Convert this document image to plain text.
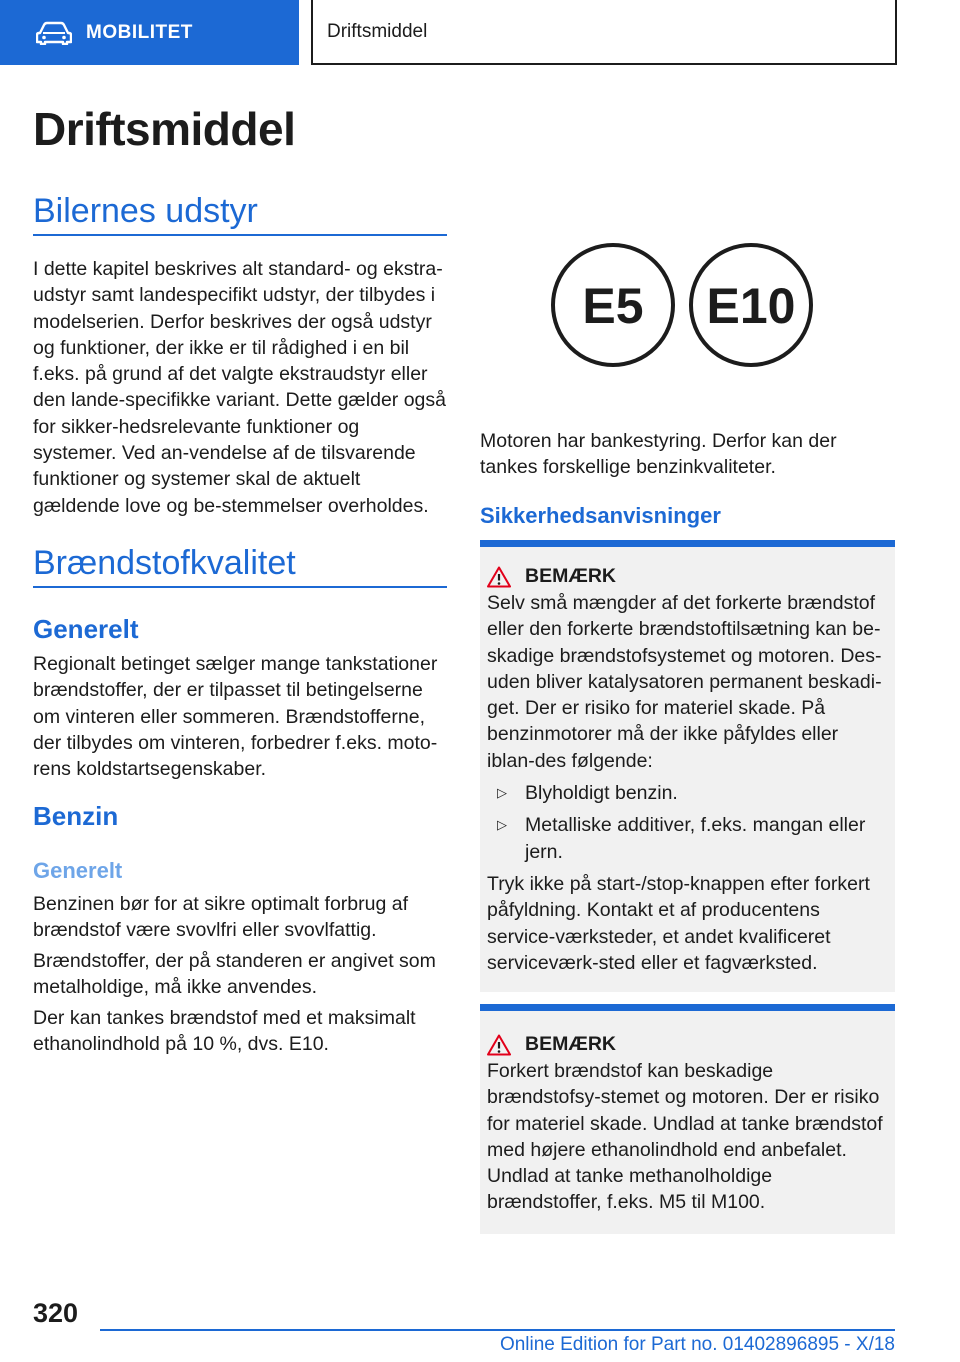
MOBILITET	Driftsmiddel
Driftsmiddel
Bilernes udstyr
I dette kapitel beskrives alt standard- og ekstra-udstyr samt landespecifikt udstyr, der tilbydes i modelserien. Derfor beskrives der også udstyr og funktioner, der ikke er til rådighed i en bil f.eks. på grund af det valgte ekstraudstyr eller den lande-specifikke variant. Dette gælder også for sikker-hedsrelevante funktioner og systemer. Ved an-vendelse af de tilsvarende funktioner og systemer skal de aktuelt gældende love og be-stemmelser overholdes.
Brændstofkvalitet
Generelt
Regionalt betinget sælger mange tankstationer brændstoffer, der er tilpasset til betingelserne om vinteren eller sommeren. Brændstofferne, der tilbydes om vinteren, forbedrer f.eks. moto-rens koldstartsegenskaber.
Benzin
Generelt
Benzinen bør for at sikre optimalt forbrug af brændstof være svovlfri eller svovlfattig.
Brændstoffer, der på standeren er angivet som metalholdige, må ikke anvendes.
Der kan tankes brændstof med et maksimalt ethanolindhold på 10 %, dvs. E10.
E5 E10
Motoren har bankestyring. Derfor kan der tankes forskellige benzinkvaliteter.
Sikkerhedsanvisninger
BEMÆRK
Selv små mængder af det forkerte brændstof eller den forkerte brændstoftilsætning kan be-skadige brændstofsystemet og motoren. Des-uden bliver katalysatoren permanent beskadi-get. Der er risiko for materiel skade. På benzinmotorer må der ikke påfyldes eller iblan-des følgende:
▷ Blyholdigt benzin.
▷ Metalliske additiver, f.eks. mangan eller jern.
Tryk ikke på start-/stop-knappen efter forkert påfyldning. Kontakt et af producentens service-værksteder, et andet kvalificeret serviceværk-sted eller et fagværksted.
BEMÆRK
Forkert brændstof kan beskadige brændstofsy-stemet og motoren. Der er risiko for materiel skade. Undlad at tanke brændstof med højere ethanolindhold end anbefalet. Undlad at tanke methanolholdige brændstoffer, f.eks. M5 til M100.
320
Online Edition for Part no. 01402896895 - X/18
